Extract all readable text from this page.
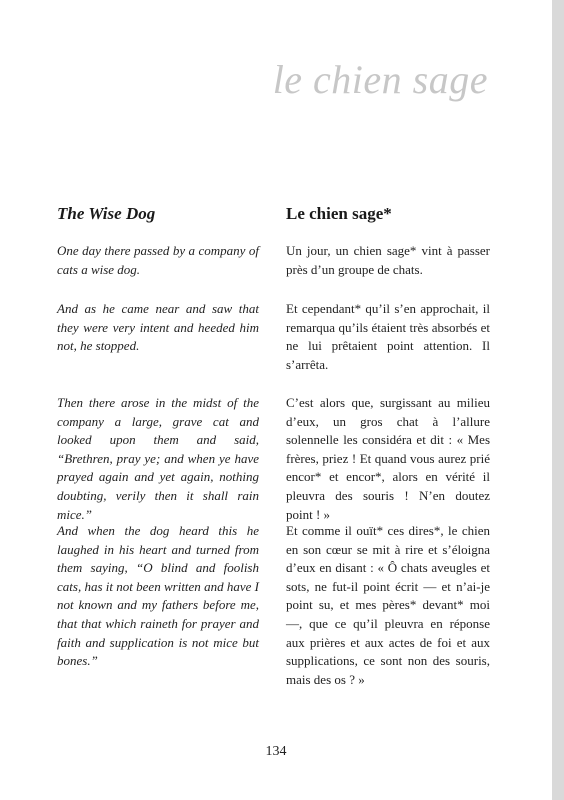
le chien sage
The Wise Dog

One day there passed by a company of cats a wise dog.

And as he came near and saw that they were very intent and heeded him not, he stopped.

Then there arose in the midst of the company a large, grave cat and looked upon them and said, “Brethren, pray ye; and when ye have prayed again and yet again, nothing doubting, verily then it shall rain mice.”

And when the dog heard this he laughed in his heart and turned from them saying, “O blind and foolish cats, has it not been written and have I not known and my fathers before me, that that which raineth for prayer and faith and supplication is not mice but bones.”

Le chien sage*

Un jour, un chien sage* vint à passer près d’un groupe de chats.

Et cependant* qu’il s’en approchait, il remarqua qu’ils étaient très absorbés et ne lui prêtaient point attention. Il s’arrêta.

C’est alors que, surgissant au milieu d’eux, un gros chat à l’allure solennelle les considéra et dit : « Mes frères, priez ! Et quand vous aurez prié encor* et encor*, alors en vérité il pleuvra des souris ! N’en doutez point ! »

Et comme il ouït* ces dires*, le chien en son cœur se mit à rire et s’éloigna d’eux en disant : « Ô chats aveugles et sots, ne fut-il point écrit — et n’ai-je point su, et mes pères* devant* moi —, que ce qu’il pleuvra en réponse aux prières et aux actes de foi et aux supplications, ce sont non des souris, mais des os ? »

134
